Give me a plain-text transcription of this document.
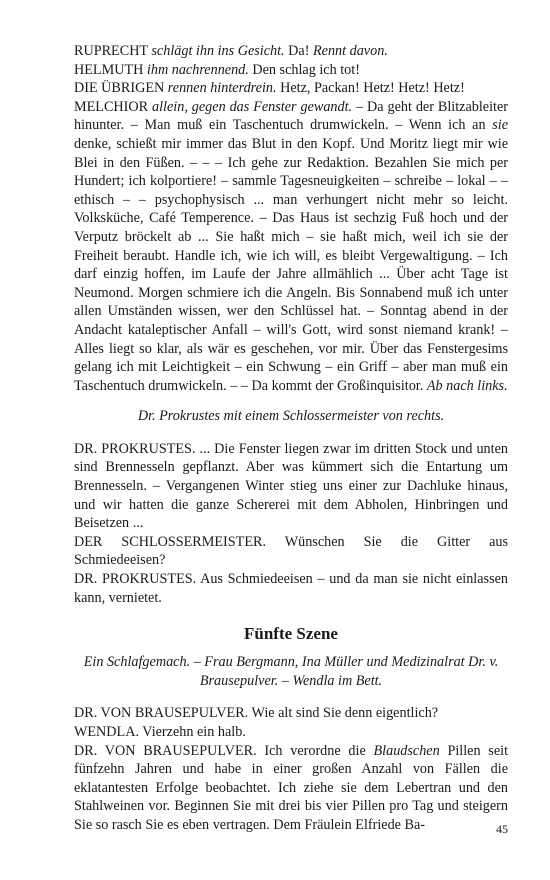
RUPRECHT schlägt ihn ins Gesicht. Da! Rennt davon.

HELMUTH ihm nachrennend. Den schlag ich tot!

DIE ÜBRIGEN rennen hinterdrein. Hetz, Packan! Hetz! Hetz! Hetz!

MELCHIOR allein, gegen das Fenster gewandt. – Da geht der Blitzableiter hinunter. – Man muß ein Taschentuch drumwickeln. – Wenn ich an sie denke, schießt mir immer das Blut in den Kopf. Und Moritz liegt mir wie Blei in den Füßen. – – – Ich gehe zur Redaktion. Bezahlen Sie mich per Hundert; ich kolportiere! – sammle Tagesneuigkeiten – schreibe – lokal – – ethisch – – psychophysisch ... man verhungert nicht mehr so leicht. Volksküche, Café Temperence. – Das Haus ist sechzig Fuß hoch und der Verputz bröckelt ab ... Sie haßt mich – sie haßt mich, weil ich sie der Freiheit beraubt. Handle ich, wie ich will, es bleibt Vergewaltigung. – Ich darf einzig hoffen, im Laufe der Jahre allmählich ... Über acht Tage ist Neumond. Morgen schmiere ich die Angeln. Bis Sonnabend muß ich unter allen Umständen wissen, wer den Schlüssel hat. – Sonntag abend in der Andacht kataleptischer Anfall – will's Gott, wird sonst niemand krank! – Alles liegt so klar, als wär es geschehen, vor mir. Über das Fenstergesims gelang ich mit Leichtigkeit – ein Schwung – ein Griff – aber man muß ein Taschentuch drumwickeln. – – Da kommt der Großinquisitor. Ab nach links.

Dr. Prokrustes mit einem Schlossermeister von rechts.

DR. PROKRUSTES. ... Die Fenster liegen zwar im dritten Stock und unten sind Brennesseln gepflanzt. Aber was kümmert sich die Entartung um Brennesseln. – Vergangenen Winter stieg uns einer zur Dachluke hinaus, und wir hatten die ganze Schererei mit dem Abholen, Hinbringen und Beisetzen ...

DER SCHLOSSERMEISTER. Wünschen Sie die Gitter aus Schmiedeeisen?

DR. PROKRUSTES. Aus Schmiedeeisen – und da man sie nicht einlassen kann, vernietet.

Fünfte Szene

Ein Schlafgemach. – Frau Bergmann, Ina Müller und Medizinalrat Dr. v. Brausepulver. – Wendla im Bett.

DR. VON BRAUSEPULVER. Wie alt sind Sie denn eigentlich?

WENDLA. Vierzehn ein halb.

DR. VON BRAUSEPULVER. Ich verordne die Blaudschen Pillen seit fünfzehn Jahren und habe in einer großen Anzahl von Fällen die eklatantesten Erfolge beobachtet. Ich ziehe sie dem Lebertran und den Stahlweinen vor. Beginnen Sie mit drei bis vier Pillen pro Tag und steigern Sie so rasch Sie es eben vertragen. Dem Fräulein Elfriede Ba-	45
